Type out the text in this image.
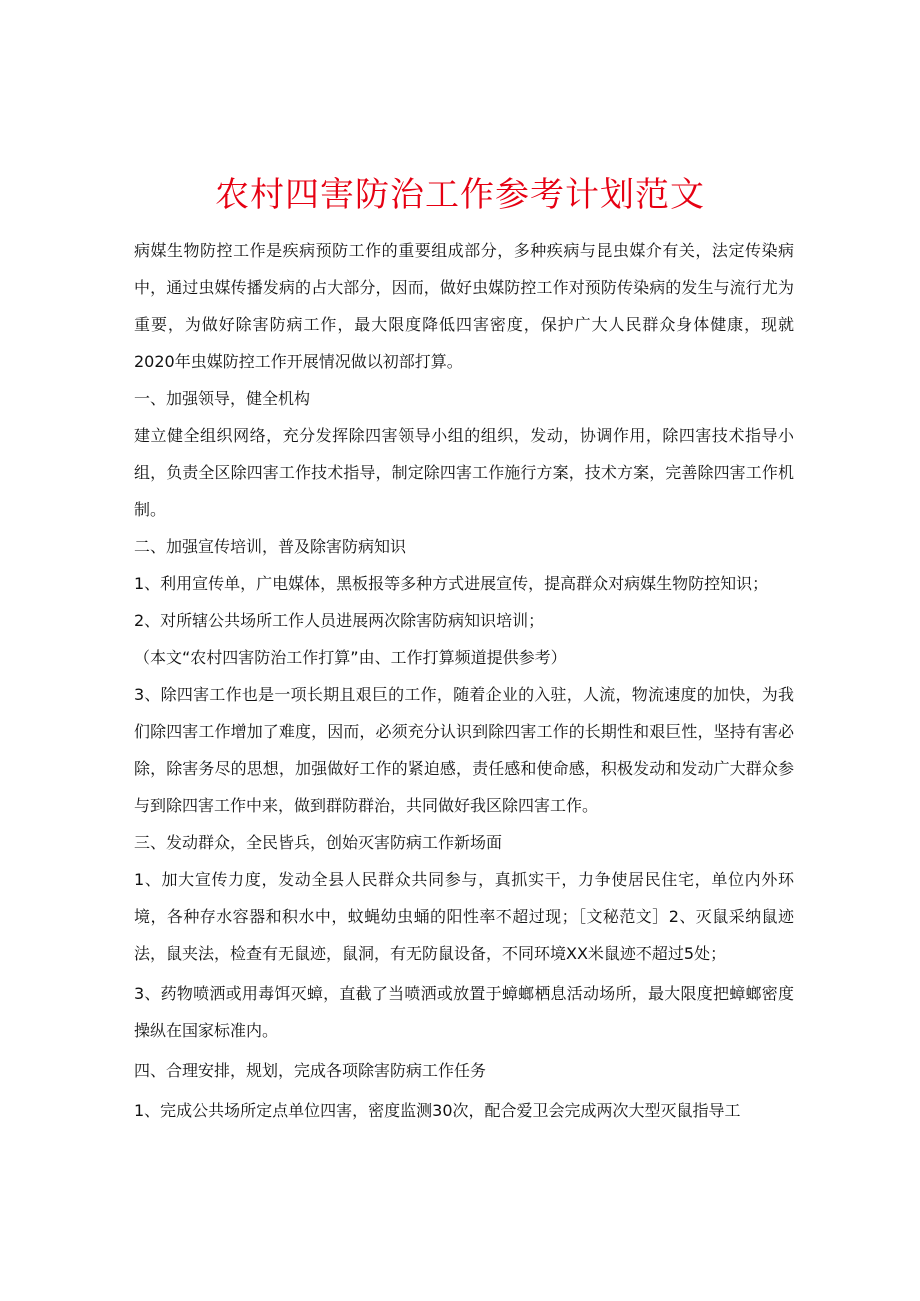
农村四害防治工作参考计划范文

病媒生物防控工作是疾病预防工作的重要组成部分，多种疾病与昆虫媒介有关，法定传染病中，通过虫媒传播发病的占大部分，因而，做好虫媒防控工作对预防传染病的发生与流行尤为重要，为做好除害防病工作，最大限度降低四害密度，保护广大人民群众身体健康，现就2020年虫媒防控工作开展情况做以初部打算。

一、加强领导，健全机构

建立健全组织网络，充分发挥除四害领导小组的组织，发动，协调作用，除四害技术指导小组，负责全区除四害工作技术指导，制定除四害工作施行方案，技术方案，完善除四害工作机制。

二、加强宣传培训，普及除害防病知识

1、利用宣传单，广电媒体，黑板报等多种方式进展宣传，提高群众对病媒生物防控知识；

2、对所辖公共场所工作人员进展两次除害防病知识培训；

（本文“农村四害防治工作打算”由、工作打算频道提供参考）

3、除四害工作也是一项长期且艰巨的工作，随着企业的入驻，人流，物流速度的加快，为我们除四害工作增加了难度，因而，必须充分认识到除四害工作的长期性和艰巨性，坚持有害必除，除害务尽的思想，加强做好工作的紧迫感，责任感和使命感，积极发动和发动广大群众参与到除四害工作中来，做到群防群治，共同做好我区除四害工作。

三、发动群众，全民皆兵，创始灭害防病工作新场面

1、加大宣传力度，发动全县人民群众共同参与，真抓实干，力争使居民住宅，单位内外环境，各种存水容器和积水中，蚊蝇幼虫蛹的阳性率不超过现；［文秘范文］2、灭鼠采纳鼠迹法，鼠夹法，检查有无鼠迹，鼠洞，有无防鼠设备，不同环境XX米鼠迹不超过5处；

3、药物喷洒或用毒饵灭蟑，直截了当喷洒或放置于蟑螂栖息活动场所，最大限度把蟑螂密度操纵在国家标准内。

四、合理安排，规划，完成各项除害防病工作任务

1、完成公共场所定点单位四害，密度监测30次，配合爱卫会完成两次大型灭鼠指导工
